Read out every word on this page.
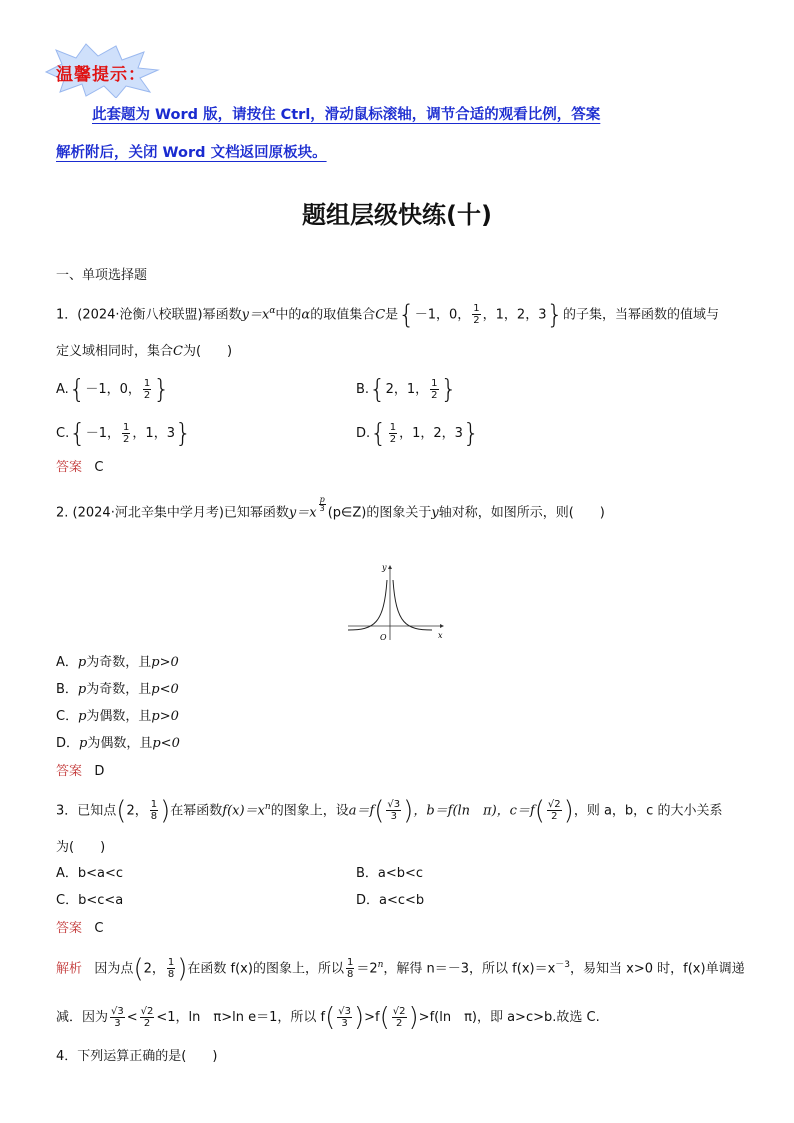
温馨提示：
此套题为 Word 版，请按住 Ctrl，滑动鼠标滚轴，调节合适的观看比例，答案
解析附后，关闭 Word 文档返回原板块。
题组层级快练(十)
一、单项选择题
1．(2024·沧衡八校联盟)幂函数$y=x^\alpha$中的α的取值集合C是{－1，0， $\frac{1}{2}$ ，1，2，3}的子集，当幂函数的值域与
定义域相同时，集合C为(　　)
A.{－1，0， $\frac{1}{2}$ }	B.{2，1， $\frac{1}{2}$ }
C.{－1， $\frac{1}{2}$ ，1，3}	$D.\{ \frac{1}{2}$ ，1，2，3}
答案 C
2. (2024·河北辛集中学月考)已知幂函数$y=x \frac{p}{3}$ (p∈Z)的图象关于y轴对称，如图所示，则(　　)
y
x
O
A．p为奇数，且p>0
B．p为奇数，且p<0
C．p为偶数，且p>0
D．p为偶数，且p<0
答案 D
3．已知点(2， $\frac{1}{8}$ )在幂函数$f(x)=x^n$的图象上，设$a=f( \frac{√3}{3}$ )，b＝f(ln　π)，$c=f( \frac{√2}{2}$ )，则 a，b，c 的大小关系
为(　　)
A．b<a<c	B．a<b<c
C．b<c<a	D．a<c<b
答案 C
解析 因为点(2， $\frac{1}{8}$ )在函数 f(x)的图象上，所以 $\frac{1}{8} =2^n$，解得 n＝－3，所以 $f(x)=x^{-3}$，易知当 x>0 时，f(x)单调递
减．因为 $\frac{√3}{3} < \frac{√2}{2} <1$，ln　π>ln e＝1，所以 $f( \frac{√3}{3} )>f( \frac{√2}{2} )>f(\ln$　π)，即 a>c>b.故选 C.
4．下列运算正确的是(　　)
